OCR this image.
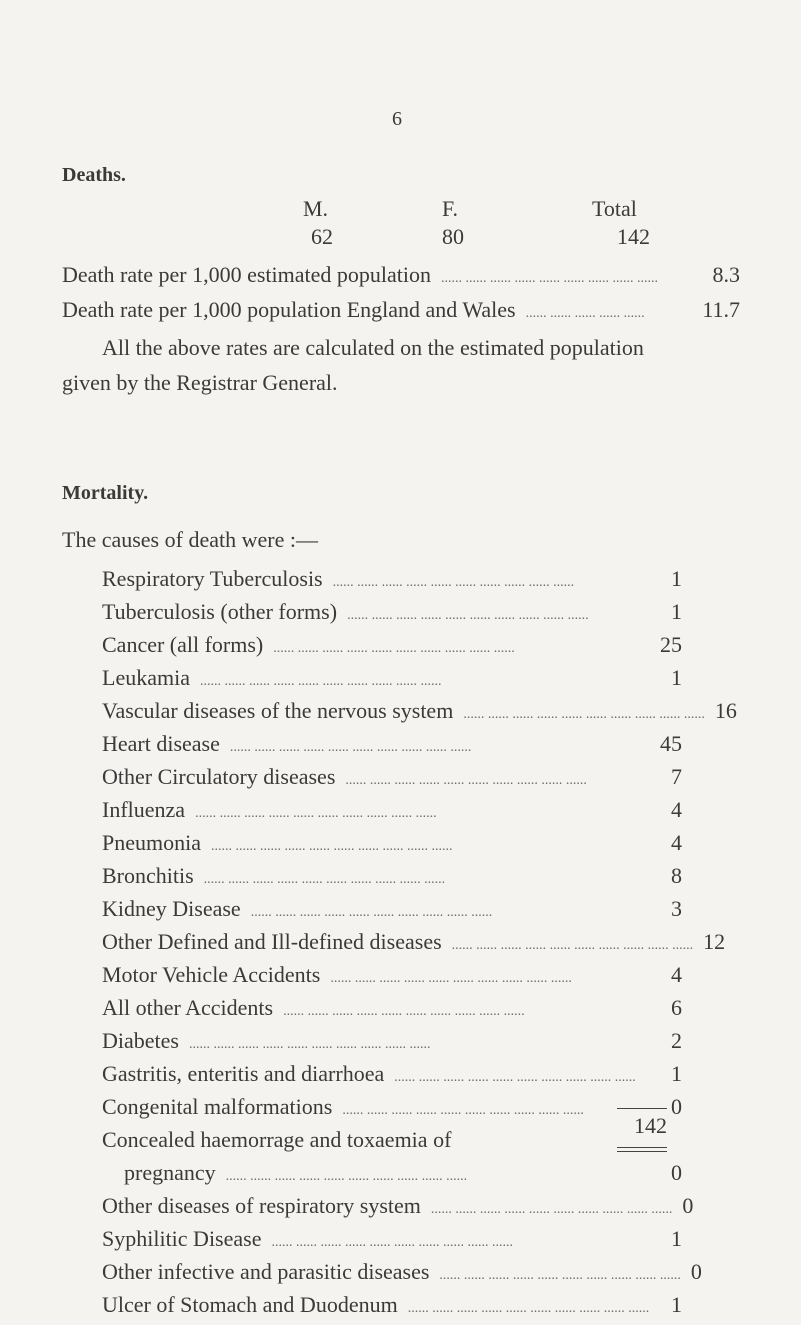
6
Deaths.
M.	F.	Total
62	80	142
Death rate per 1,000 estimated population ...... ...... ...... ...... ...... ...... ...... ...... ......	8.3
Death rate per 1,000 population England and Wales ...... ...... ...... ...... ......	11.7
All the above rates are calculated on the estimated population
given by the Registrar General.
Mortality.
The causes of death were :—
Respiratory Tuberculosis ...... ...... ...... ...... ...... ...... ...... ...... ...... ......	1
Tuberculosis (other forms) ...... ...... ...... ...... ...... ...... ...... ...... ...... ......	1
Cancer (all forms) ...... ...... ...... ...... ...... ...... ...... ...... ...... ......	25
Leukamia ...... ...... ...... ...... ...... ...... ...... ...... ...... ......	1
Vascular diseases of the nervous system ...... ...... ...... ...... ...... ...... ...... ...... ...... ...... 16
Heart disease ...... ...... ...... ...... ...... ...... ...... ...... ...... ......	45
Other Circulatory diseases ...... ...... ...... ...... ...... ...... ...... ...... ...... ......	7
Influenza ...... ...... ...... ...... ...... ...... ...... ...... ...... ......	4
Pneumonia ...... ...... ...... ...... ...... ...... ...... ...... ...... ......	4
Bronchitis ...... ...... ...... ...... ...... ...... ...... ...... ...... ......	8
Kidney Disease ...... ...... ...... ...... ...... ...... ...... ...... ...... ......	3
Other Defined and Ill-defined diseases ...... ...... ...... ...... ...... ...... ...... ...... ...... ...... 12
Motor Vehicle Accidents ...... ...... ...... ...... ...... ...... ...... ...... ...... ......	4
All other Accidents ...... ...... ...... ...... ...... ...... ...... ...... ...... ......	6
Diabetes ...... ...... ...... ...... ...... ...... ...... ...... ...... ......	2
Gastritis, enteritis and diarrhoea ...... ...... ...... ...... ...... ...... ...... ...... ...... ......	1
Congenital malformations ...... ...... ...... ...... ...... ...... ...... ...... ...... ......	0
Concealed haemorrage and toxaemia of
pregnancy ...... ...... ...... ...... ...... ...... ...... ...... ...... ......	0
Other diseases of respiratory system ...... ...... ...... ...... ...... ...... ...... ...... ...... ...... 0
Syphilitic Disease ...... ...... ...... ...... ...... ...... ...... ...... ...... ......	1
Other infective and parasitic diseases ...... ...... ...... ...... ...... ...... ...... ...... ...... ...... 0
Ulcer of Stomach and Duodenum ...... ...... ...... ...... ...... ...... ...... ...... ...... ...... 1
142
